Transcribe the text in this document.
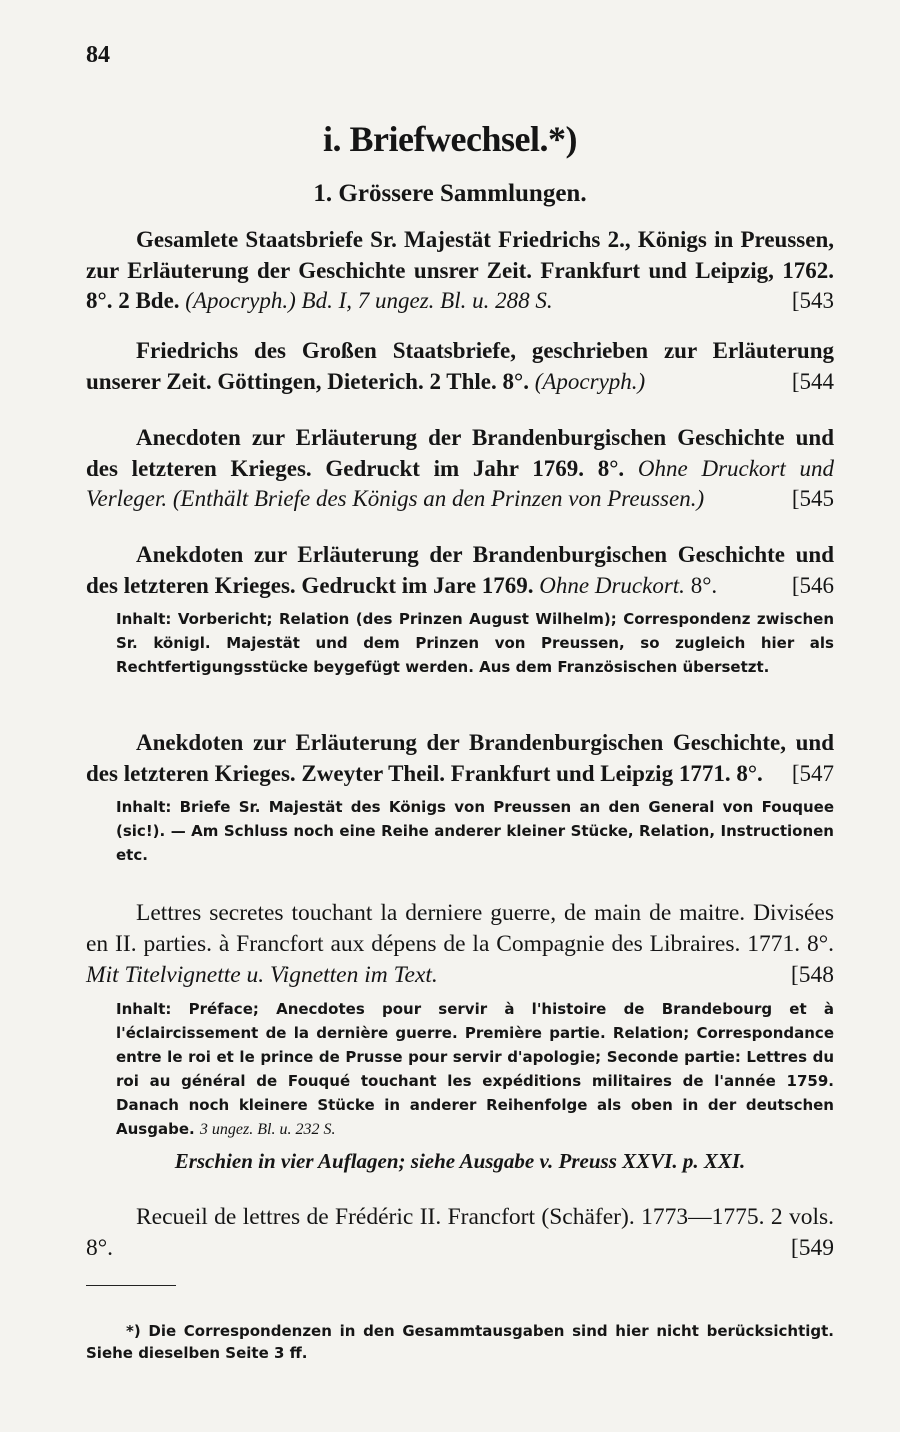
84
i. Briefwechsel.*)
1. Grössere Sammlungen.

Gesamlete Staatsbriefe Sr. Majestät Friedrichs 2., Königs in Preussen, zur Erläuterung der Geschichte unsrer Zeit. Frankfurt und Leipzig, 1762. 8°. 2 Bde. (Apocryph.) Bd. I, 7 ungez. Bl. u. 288 S.	[543

Friedrichs des Großen Staatsbriefe, geschrieben zur Erläuterung unserer Zeit. Göttingen, Dieterich. 2 Thle. 8°. (Apocryph.)	[544

Anecdoten zur Erläuterung der Brandenburgischen Geschichte und des letzteren Krieges. Gedruckt im Jahr 1769. 8°. Ohne Druckort und Verleger. (Enthält Briefe des Königs an den Prinzen von Preussen.)	[545

Anekdoten zur Erläuterung der Brandenburgischen Geschichte und des letzteren Krieges. Gedruckt im Jare 1769. Ohne Druckort. 8°.	[546

Inhalt: Vorbericht; Relation (des Prinzen August Wilhelm); Correspondenz zwischen Sr. königl. Majestät und dem Prinzen von Preussen, so zugleich hier als Rechtfertigungsstücke beygefügt werden. Aus dem Französischen übersetzt.

Anekdoten zur Erläuterung der Brandenburgischen Geschichte, und des letzteren Krieges. Zweyter Theil. Frankfurt und Leipzig 1771. 8°. [547

Inhalt: Briefe Sr. Majestät des Königs von Preussen an den General von Fouquee (sic!). — Am Schluss noch eine Reihe anderer kleiner Stücke, Relation, Instructionen etc.

Lettres secretes touchant la derniere guerre, de main de maitre. Divisées en II. parties. à Francfort aux dépens de la Compagnie des Libraires. 1771. 8°. Mit Titelvignette u. Vignetten im Text.	[548

Inhalt: Préface; Anecdotes pour servir à l'histoire de Brandebourg et à l'éclaircissement de la dernière guerre. Première partie. Relation; Correspondance entre le roi et le prince de Prusse pour servir d'apologie; Seconde partie: Lettres du roi au général de Fouqué touchant les expéditions militaires de l'année 1759. Danach noch kleinere Stücke in anderer Reihenfolge als oben in der deutschen Ausgabe. 3 ungez. Bl. u. 232 S.
Erschien in vier Auflagen; siehe Ausgabe v. Preuss XXVI. p. XXI.

Recueil de lettres de Frédéric II. Francfort (Schäfer). 1773—1775. 2 vols. 8°.	[549

*) Die Correspondenzen in den Gesammtausgaben sind hier nicht berücksichtigt. Siehe dieselben Seite 3 ff.
